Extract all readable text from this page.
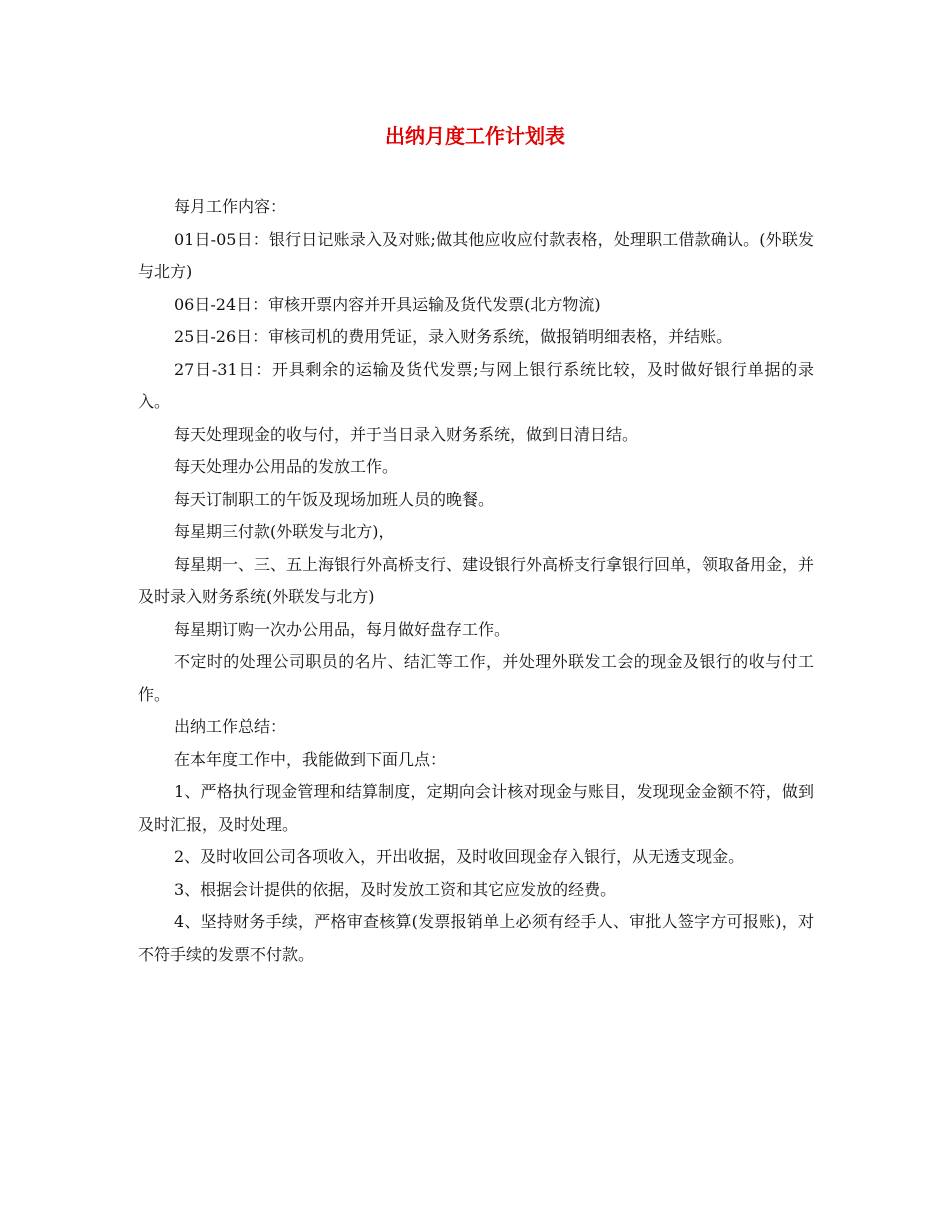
出纳月度工作计划表

每月工作内容：

01日-05日：银行日记账录入及对账;做其他应收应付款表格，处理职工借款确认。(外联发与北方)

06日-24日：审核开票内容并开具运输及货代发票(北方物流)

25日-26日：审核司机的费用凭证，录入财务系统，做报销明细表格，并结账。

27日-31日：开具剩余的运输及货代发票;与网上银行系统比较，及时做好银行单据的录入。

每天处理现金的收与付，并于当日录入财务系统，做到日清日结。

每天处理办公用品的发放工作。

每天订制职工的午饭及现场加班人员的晚餐。

每星期三付款(外联发与北方)，

每星期一、三、五上海银行外高桥支行、建设银行外高桥支行拿银行回单，领取备用金，并及时录入财务系统(外联发与北方)

每星期订购一次办公用品，每月做好盘存工作。

不定时的处理公司职员的名片、结汇等工作，并处理外联发工会的现金及银行的收与付工作。

出纳工作总结：

在本年度工作中，我能做到下面几点：

1、严格执行现金管理和结算制度，定期向会计核对现金与账目，发现现金金额不符，做到及时汇报，及时处理。

2、及时收回公司各项收入，开出收据，及时收回现金存入银行，从无透支现金。

3、根据会计提供的依据，及时发放工资和其它应发放的经费。

4、坚持财务手续，严格审查核算(发票报销单上必须有经手人、审批人签字方可报账)，对不符手续的发票不付款。
